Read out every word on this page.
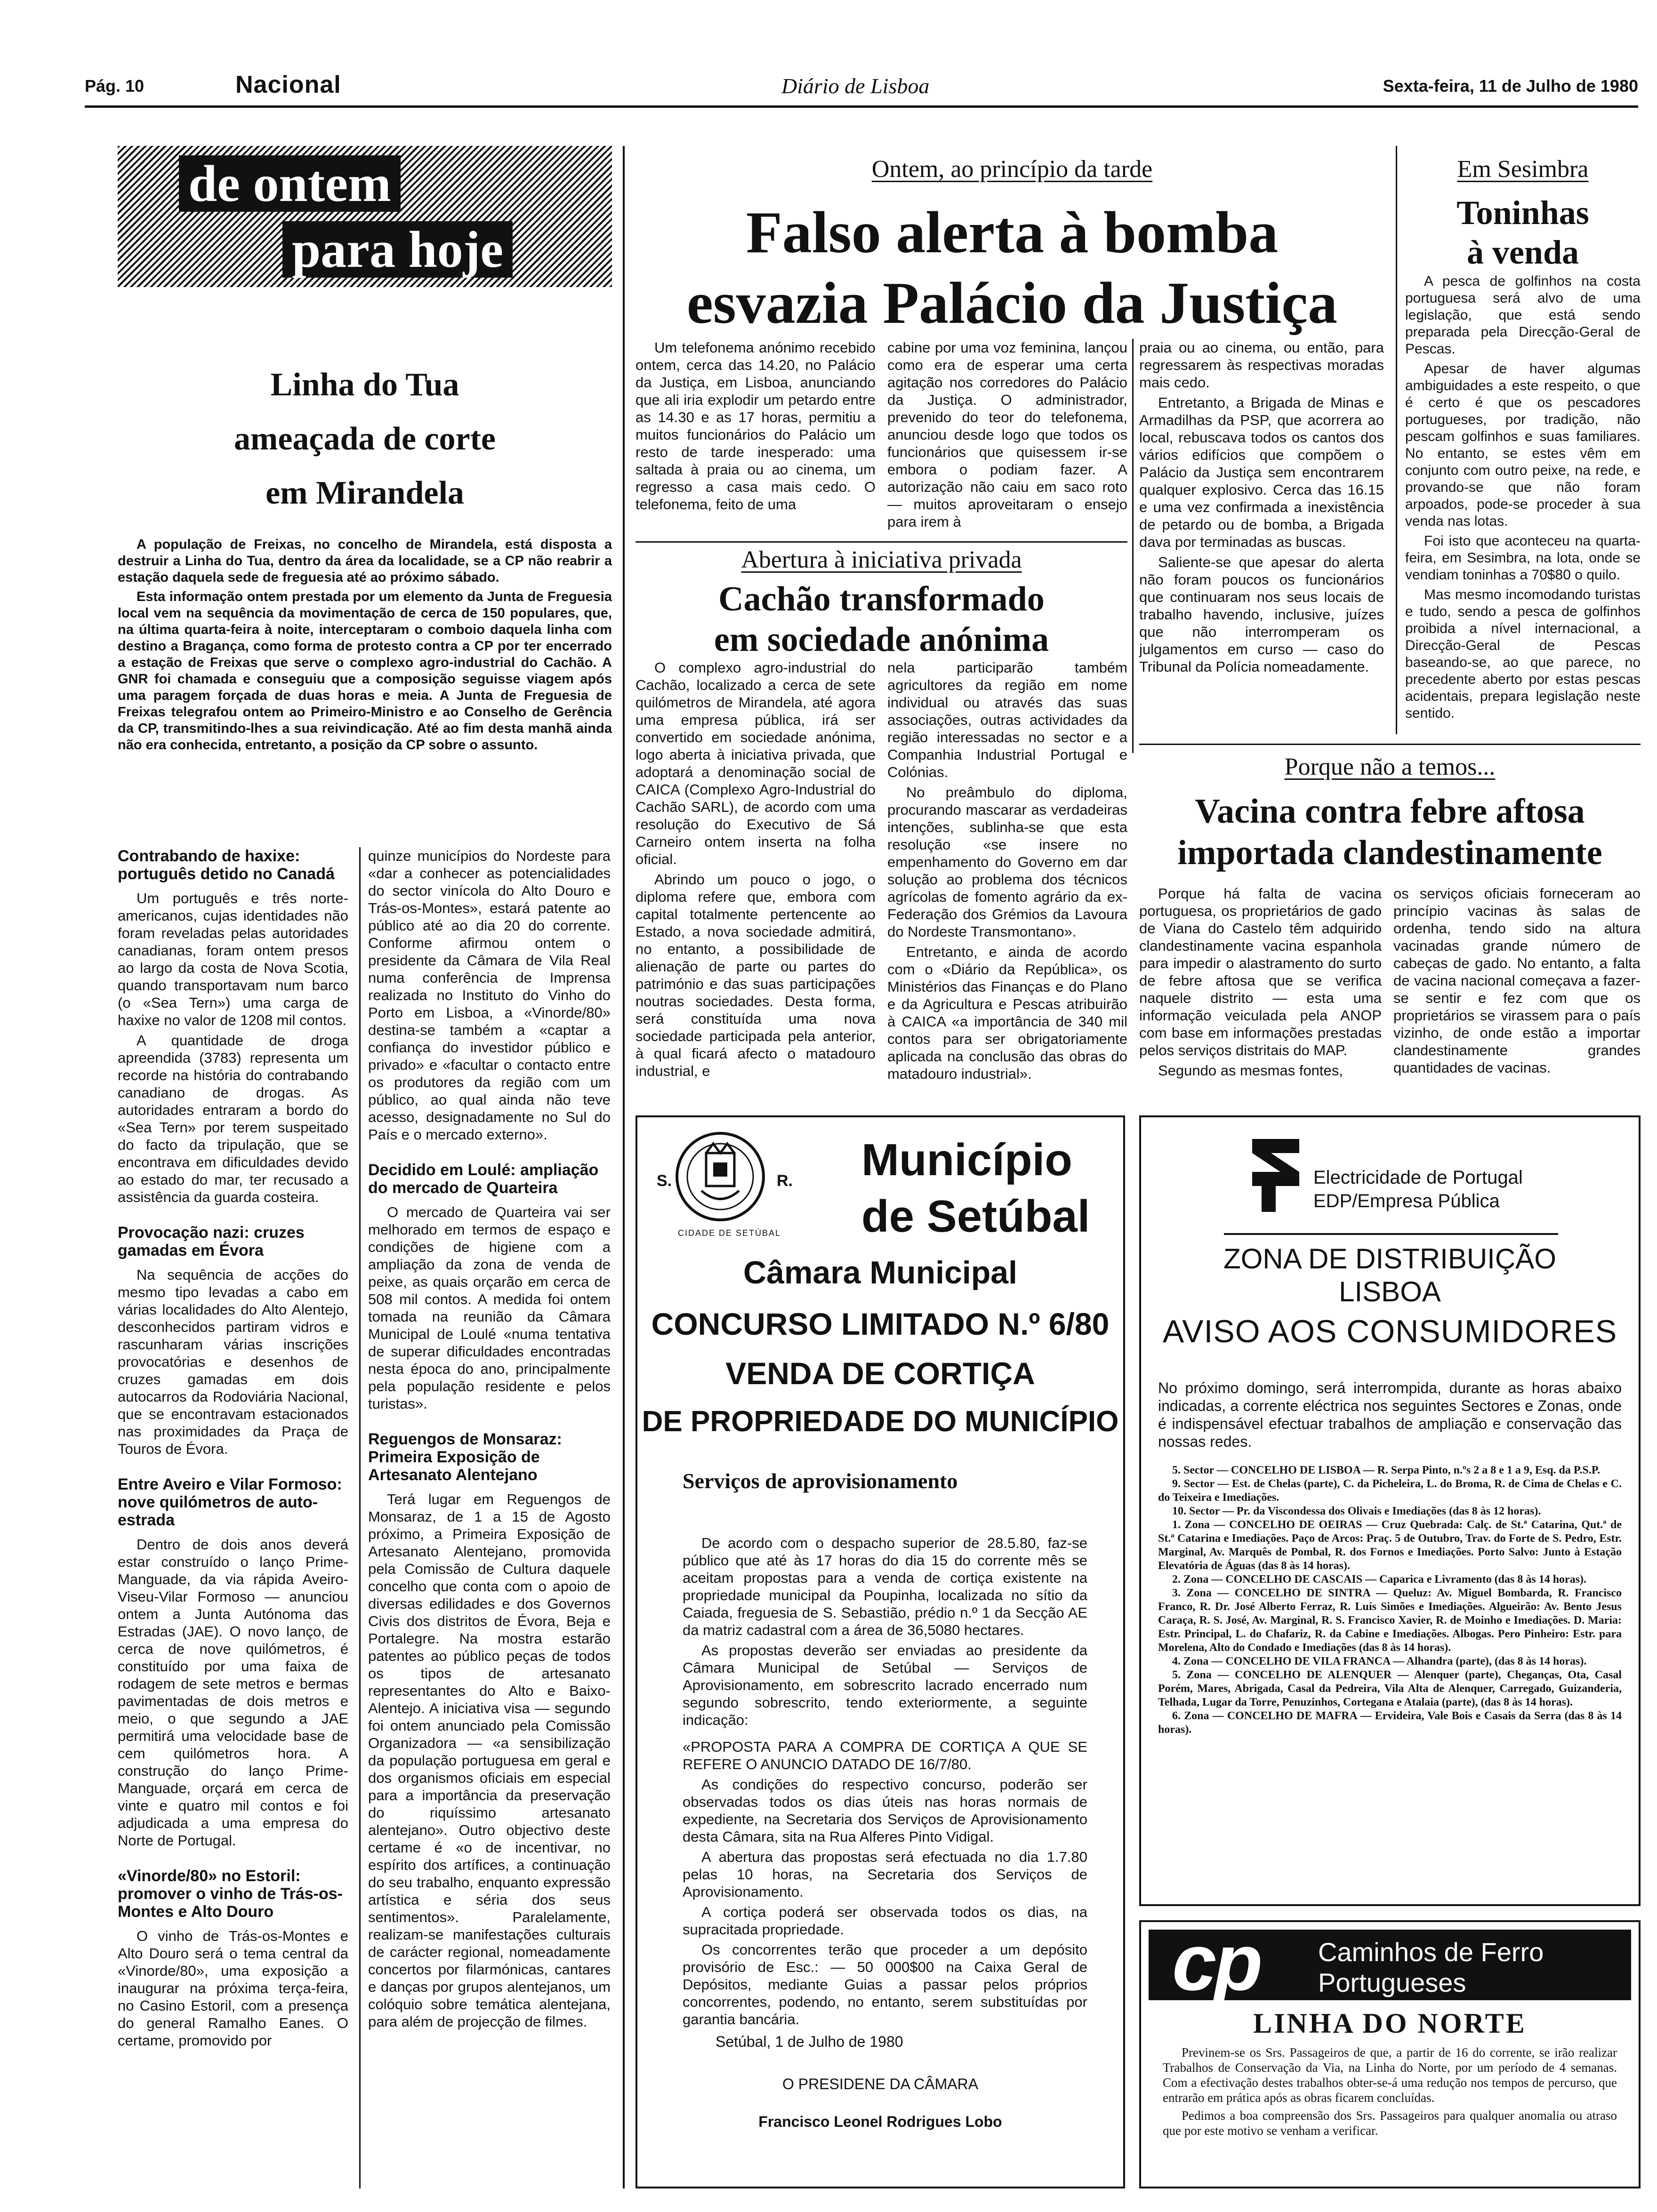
Pág. 10	Nacional	Diário de Lisboa	Sexta-feira, 11 de Julho de 1980
de ontem
para hoje
Linha do Tua
ameaçada de corte
em Mirandela

A população de Freixas, no concelho de Mirandela, está disposta a destruir a Linha do Tua, dentro da área da localidade, se a CP não reabrir a estação daquela sede de freguesia até ao próximo sábado.

Esta informação ontem prestada por um elemento da Junta de Freguesia local vem na sequência da movimentação de cerca de 150 populares, que, na última quarta-feira à noite, interceptaram o comboio daquela linha com destino a Bragança, como forma de protesto contra a CP por ter encerrado a estação de Freixas que serve o complexo agro-industrial do Cachão. A GNR foi chamada e conseguiu que a composição seguisse viagem após uma paragem forçada de duas horas e meia. A Junta de Freguesia de Freixas telegrafou ontem ao Primeiro-Ministro e ao Conselho de Gerência da CP, transmitindo-lhes a sua reivindicação. Até ao fim desta manhã ainda não era conhecida, entretanto, a posição da CP sobre o assunto.

Contrabando de haxixe: português detido no Canadá

Um português e três norte-americanos, cujas identidades não foram reveladas pelas autoridades canadianas, foram ontem presos ao largo da costa de Nova Scotia, quando transportavam num barco (o «Sea Tern») uma carga de haxixe no valor de 1208 mil contos.

A quantidade de droga apreendida (3783) representa um recorde na história do contrabando canadiano de drogas. As autoridades entraram a bordo do «Sea Tern» por terem suspeitado do facto da tripulação, que se encontrava em dificuldades devido ao estado do mar, ter recusado a assistência da guarda costeira.

Provocação nazi: cruzes gamadas em Évora

Na sequência de acções do mesmo tipo levadas a cabo em várias localidades do Alto Alentejo, desconhecidos partiram vidros e rascunharam várias inscrições provocatórias e desenhos de cruzes gamadas em dois autocarros da Rodoviária Nacional, que se encontravam estacionados nas proximidades da Praça de Touros de Évora.

Entre Aveiro e Vilar Formoso: nove quilómetros de auto-estrada

Dentro de dois anos deverá estar construído o lanço Prime-Manguade, da via rápida Aveiro-Viseu-Vilar Formoso — anunciou ontem a Junta Autónoma das Estradas (JAE). O novo lanço, de cerca de nove quilómetros, é constituído por uma faixa de rodagem de sete metros e bermas pavimentadas de dois metros e meio, o que segundo a JAE permitirá uma velocidade base de cem quilómetros hora. A construção do lanço Prime-Manguade, orçará em cerca de vinte e quatro mil contos e foi adjudicada a uma empresa do Norte de Portugal.

«Vinorde/80» no Estoril: promover o vinho de Trás-os-Montes e Alto Douro

O vinho de Trás-os-Montes e Alto Douro será o tema central da «Vinorde/80», uma exposição a inaugurar na próxima terça-feira, no Casino Estoril, com a presença do general Ramalho Eanes. O certame, promovido por

quinze municípios do Nordeste para «dar a conhecer as potencialidades do sector vinícola do Alto Douro e Trás-os-Montes», estará patente ao público até ao dia 20 do corrente. Conforme afirmou ontem o presidente da Câmara de Vila Real numa conferência de Imprensa realizada no Instituto do Vinho do Porto em Lisboa, a «Vinorde/80» destina-se também a «captar a confiança do investidor público e privado» e «facultar o contacto entre os produtores da região com um público, ao qual ainda não teve acesso, designadamente no Sul do País e o mercado externo».

Decidido em Loulé: ampliação do mercado de Quarteira

O mercado de Quarteira vai ser melhorado em termos de espaço e condições de higiene com a ampliação da zona de venda de peixe, as quais orçarão em cerca de 508 mil contos. A medida foi ontem tomada na reunião da Câmara Municipal de Loulé «numa tentativa de superar dificuldades encontradas nesta época do ano, principalmente pela população residente e pelos turistas».

Reguengos de Monsaraz: Primeira Exposição de Artesanato Alentejano

Terá lugar em Reguengos de Monsaraz, de 1 a 15 de Agosto próximo, a Primeira Exposição de Artesanato Alentejano, promovida pela Comissão de Cultura daquele concelho que conta com o apoio de diversas edilidades e dos Governos Civis dos distritos de Évora, Beja e Portalegre. Na mostra estarão patentes ao público peças de todos os tipos de artesanato representantes do Alto e Baixo-Alentejo. A iniciativa visa — segundo foi ontem anunciado pela Comissão Organizadora — «a sensibilização da população portuguesa em geral e dos organismos oficiais em especial para a importância da preservação do riquíssimo artesanato alentejano». Outro objectivo deste certame é «o de incentivar, no espírito dos artífices, a continuação do seu trabalho, enquanto expressão artística e séria dos seus sentimentos». Paralelamente, realizam-se manifestações culturais de carácter regional, nomeadamente concertos por filarmónicas, cantares e danças por grupos alentejanos, um colóquio sobre temática alentejana, para além de projecção de filmes.

Ontem, ao princípio da tarde
Falso alerta à bomba
esvazia Palácio da Justiça

Um telefonema anónimo recebido ontem, cerca das 14.20, no Palácio da Justiça, em Lisboa, anunciando que ali iria explodir um petardo entre as 14.30 e as 17 horas, permitiu a muitos funcionários do Palácio um resto de tarde inesperado: uma saltada à praia ou ao cinema, um regresso a casa mais cedo. O telefonema, feito de uma

cabine por uma voz feminina, lançou como era de esperar uma certa agitação nos corredores do Palácio da Justiça. O administrador, prevenido do teor do telefonema, anunciou desde logo que todos os funcionários que quisessem ir-se embora o podiam fazer. A autorização não caiu em saco roto — muitos aproveitaram o ensejo para irem à

praia ou ao cinema, ou então, para regressarem às respectivas moradas mais cedo.

Entretanto, a Brigada de Minas e Armadilhas da PSP, que acorrera ao local, rebuscava todos os cantos dos vários edifícios que compõem o Palácio da Justiça sem encontrarem qualquer explosivo. Cerca das 16.15 e uma vez confirmada a inexistência de petardo ou de bomba, a Brigada dava por terminadas as buscas.

Saliente-se que apesar do alerta não foram poucos os funcionários que continuaram nos seus locais de trabalho havendo, inclusive, juízes que não interromperam os julgamentos em curso — caso do Tribunal da Polícia nomeadamente.

Abertura à iniciativa privada
Cachão transformado
em sociedade anónima

O complexo agro-industrial do Cachão, localizado a cerca de sete quilómetros de Mirandela, até agora uma empresa pública, irá ser convertido em sociedade anónima, logo aberta à iniciativa privada, que adoptará a denominação social de CAICA (Complexo Agro-Industrial do Cachão SARL), de acordo com uma resolução do Executivo de Sá Carneiro ontem inserta na folha oficial.

Abrindo um pouco o jogo, o diploma refere que, embora com capital totalmente pertencente ao Estado, a nova sociedade admitirá, no entanto, a possibilidade de alienação de parte ou partes do património e das suas participações noutras sociedades. Desta forma, será constituída uma nova sociedade participada pela anterior, à qual ficará afecto o matadouro industrial, e

nela participarão também agricultores da região em nome individual ou através das suas associações, outras actividades da região interessadas no sector e a Companhia Industrial Portugal e Colónias.

No preâmbulo do diploma, procurando mascarar as verdadeiras intenções, sublinha-se que esta resolução «se insere no empenhamento do Governo em dar solução ao problema dos técnicos agrícolas de fomento agrário da ex-Federação dos Grémios da Lavoura do Nordeste Transmontano».

Entretanto, e ainda de acordo com o «Diário da República», os Ministérios das Finanças e do Plano e da Agricultura e Pescas atribuirão à CAICA «a importância de 340 mil contos para ser obrigatoriamente aplicada na conclusão das obras do matadouro industrial».

Em Sesimbra
Toninhas
à venda

A pesca de golfinhos na costa portuguesa será alvo de uma legislação, que está sendo preparada pela Direcção-Geral de Pescas.

Apesar de haver algumas ambiguidades a este respeito, o que é certo é que os pescadores portugueses, por tradição, não pescam golfinhos e suas familiares. No entanto, se estes vêm em conjunto com outro peixe, na rede, e provando-se que não foram arpoados, pode-se proceder à sua venda nas lotas.

Foi isto que aconteceu na quarta-feira, em Sesimbra, na lota, onde se vendiam toninhas a 70$80 o quilo.

Mas mesmo incomodando turistas e tudo, sendo a pesca de golfinhos proibida a nível internacional, a Direcção-Geral de Pescas baseando-se, ao que parece, no precedente aberto por estas pescas acidentais, prepara legislação neste sentido.

Porque não a temos...
Vacina contra febre aftosa
importada clandestinamente

Porque há falta de vacina portuguesa, os proprietários de gado de Viana do Castelo têm adquirido clandestinamente vacina espanhola para impedir o alastramento do surto de febre aftosa que se verifica naquele distrito — esta uma informação veiculada pela ANOP com base em informações prestadas pelos serviços distritais do MAP.

Segundo as mesmas fontes,

os serviços oficiais forneceram ao princípio vacinas às salas de ordenha, tendo sido na altura vacinadas grande número de cabeças de gado. No entanto, a falta de vacina nacional começava a fazer-se sentir e fez com que os proprietários se virassem para o país vizinho, de onde estão a importar clandestinamente grandes quantidades de vacinas.

S.	R.
CIDADE DE SETÚBAL
Município
de Setúbal
Câmara Municipal
CONCURSO LIMITADO N.º 6/80
VENDA DE CORTIÇA
DE PROPRIEDADE DO MUNICÍPIO
Serviços de aprovisionamento

De acordo com o despacho superior de 28.5.80, faz-se público que até às 17 horas do dia 15 do corrente mês se aceitam propostas para a venda de cortiça existente na propriedade municipal da Poupinha, localizada no sítio da Caiada, freguesia de S. Sebastião, prédio n.º 1 da Secção AE da matriz cadastral com a área de 36,5080 hectares.

As propostas deverão ser enviadas ao presidente da Câmara Municipal de Setúbal — Serviços de Aprovisionamento, em sobrescrito lacrado encerrado num segundo sobrescrito, tendo exteriormente, a seguinte indicação:

«PROPOSTA PARA A COMPRA DE CORTIÇA A QUE SE REFERE O ANUNCIO DATADO DE 16/7/80.

As condições do respectivo concurso, poderão ser observadas todos os dias úteis nas horas normais de expediente, na Secretaria dos Serviços de Aprovisionamento desta Câmara, sita na Rua Alferes Pinto Vidigal.

A abertura das propostas será efectuada no dia 1.7.80 pelas 10 horas, na Secretaria dos Serviços de Aprovisionamento.

A cortiça poderá ser observada todos os dias, na supracitada propriedade.

Os concorrentes terão que proceder a um depósito provisório de Esc.: — 50 000$00 na Caixa Geral de Depósitos, mediante Guias a passar pelos próprios concorrentes, podendo, no entanto, serem substituídas por garantia bancária.

Setúbal, 1 de Julho de 1980
O PRESIDENE DA CÂMARA
Francisco Leonel Rodrigues Lobo
Electricidade de Portugal
EDP/Empresa Pública
ZONA DE DISTRIBUIÇÃO
LISBOA
AVISO AOS CONSUMIDORES
No próximo domingo, será interrompida, durante as horas abaixo indicadas, a corrente eléctrica nos seguintes Sectores e Zonas, onde é indispensável efectuar trabalhos de ampliação e conservação das nossas redes.

5. Sector — CONCELHO DE LISBOA — R. Serpa Pinto, n.ºs 2 a 8 e 1 a 9, Esq. da P.S.P.

9. Sector — Est. de Chelas (parte), C. da Picheleira, L. do Broma, R. de Cima de Chelas e C. do Teixeira e Imediações.

10. Sector — Pr. da Viscondessa dos Olivais e Imediações (das 8 às 12 horas).

1. Zona — CONCELHO DE OEIRAS — Cruz Quebrada: Calç. de St.ª Catarina, Qut.ª de St.ª Catarina e Imediações. Paço de Arcos: Praç. 5 de Outubro, Trav. do Forte de S. Pedro, Estr. Marginal, Av. Marquês de Pombal, R. dos Fornos e Imediações. Porto Salvo: Junto à Estação Elevatória de Águas (das 8 às 14 horas).

2. Zona — CONCELHO DE CASCAIS — Caparica e Livramento (das 8 às 14 horas).

3. Zona — CONCELHO DE SINTRA — Queluz: Av. Miguel Bombarda, R. Francisco Franco, R. Dr. José Alberto Ferraz, R. Luís Simões e Imediações. Algueirão: Av. Bento Jesus Caraça, R. S. José, Av. Marginal, R. S. Francisco Xavier, R. de Moinho e Imediações. D. Maria: Estr. Principal, L. do Chafariz, R. da Cabine e Imediações. Albogas. Pero Pinheiro: Estr. para Morelena, Alto do Condado e Imediações (das 8 às 14 horas).

4. Zona — CONCELHO DE VILA FRANCA — Alhandra (parte), (das 8 às 14 horas).

5. Zona — CONCELHO DE ALENQUER — Alenquer (parte), Cheganças, Ota, Casal Porém, Mares, Abrigada, Casal da Pedreira, Vila Alta de Alenquer, Carregado, Guizanderia, Telhada, Lugar da Torre, Penuzinhos, Cortegana e Atalaia (parte), (das 8 às 14 horas).

6. Zona — CONCELHO DE MAFRA — Ervideira, Vale Bois e Casais da Serra (das 8 às 14 horas).

cp Caminhos de Ferro
Portugueses
LINHA DO NORTE

Previnem-se os Srs. Passageiros de que, a partir de 16 do corrente, se irão realizar Trabalhos de Conservação da Via, na Linha do Norte, por um período de 4 semanas. Com a efectivação destes trabalhos obter-se-á uma redução nos tempos de percurso, que entrarão em prática após as obras ficarem concluídas.

Pedimos a boa compreensão dos Srs. Passageiros para qualquer anomalia ou atraso que por este motivo se venham a verificar.
